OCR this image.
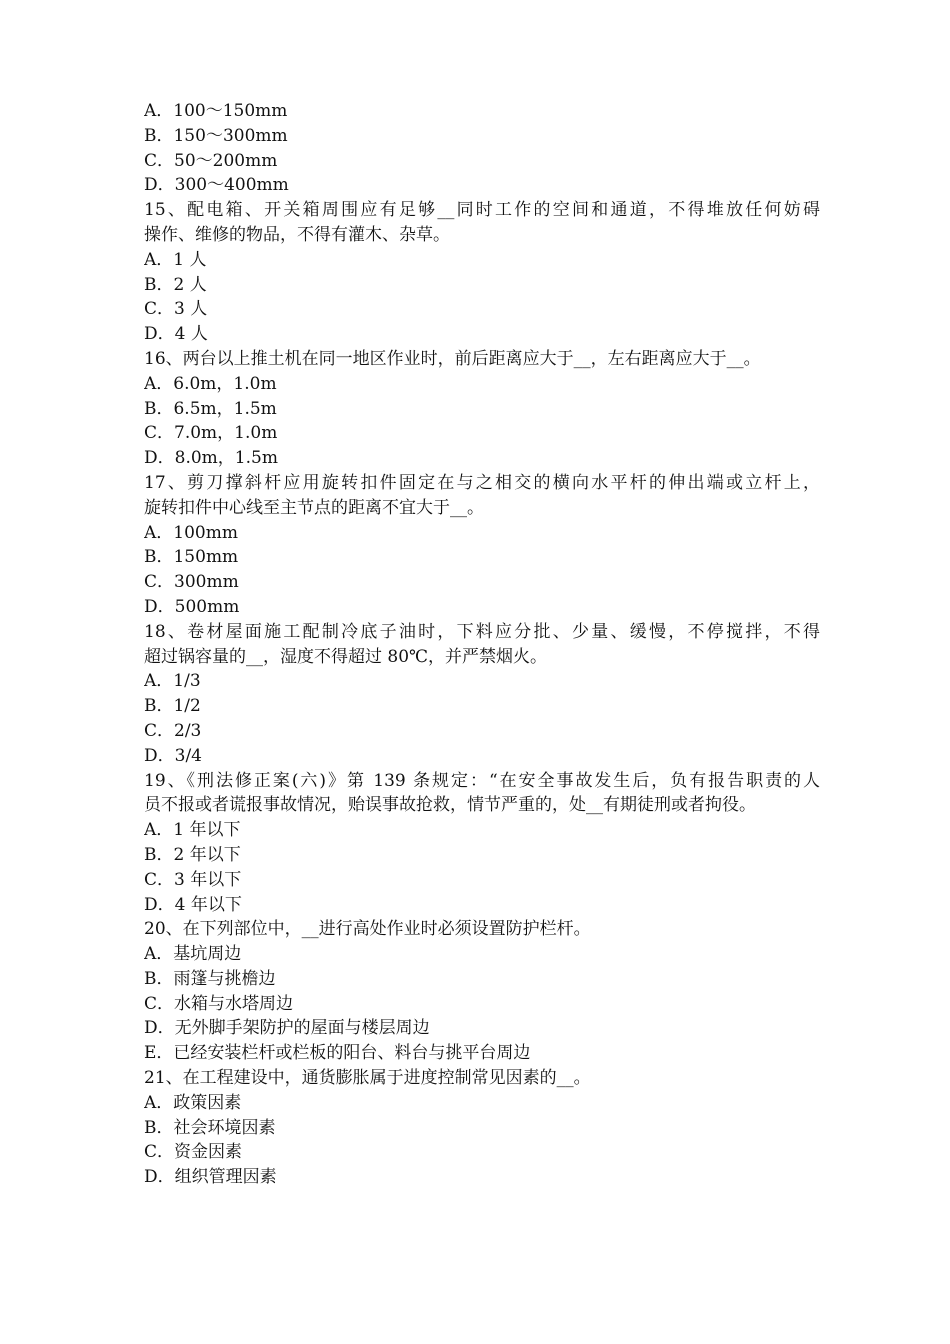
A．100～150mm
B．150～300mm
C．50～200mm
D．300～400mm
15、配电箱、开关箱周围应有足够__同时工作的空间和通道，不得堆放任何妨碍
操作、维修的物品，不得有灌木、杂草。
A．1 人
B．2 人
C．3 人
D．4 人
16、两台以上推土机在同一地区作业时，前后距离应大于__，左右距离应大于__。
A．6.0m，1.0m
B．6.5m，1.5m
C．7.0m，1.0m
D．8.0m，1.5m
17、剪刀撑斜杆应用旋转扣件固定在与之相交的横向水平杆的伸出端或立杆上，
旋转扣件中心线至主节点的距离不宜大于__。
A．100mm
B．150mm
C．300mm
D．500mm
18、卷材屋面施工配制冷底子油时，下料应分批、少量、缓慢，不停搅拌，不得
超过锅容量的__，湿度不得超过 80℃，并严禁烟火。
A．1/3
B．1/2
C．2/3
D．3/4
19、《刑法修正案(六)》第 139 条规定：“在安全事故发生后，负有报告职责的人
员不报或者谎报事故情况，贻误事故抢救，情节严重的，处__有期徒刑或者拘役。
A．1 年以下
B．2 年以下
C．3 年以下
D．4 年以下
20、在下列部位中，__进行高处作业时必须设置防护栏杆。
A．基坑周边
B．雨篷与挑檐边
C．水箱与水塔周边
D．无外脚手架防护的屋面与楼层周边
E．已经安装栏杆或栏板的阳台、料台与挑平台周边
21、在工程建设中，通货膨胀属于进度控制常见因素的__。
A．政策因素
B．社会环境因素
C．资金因素
D．组织管理因素
